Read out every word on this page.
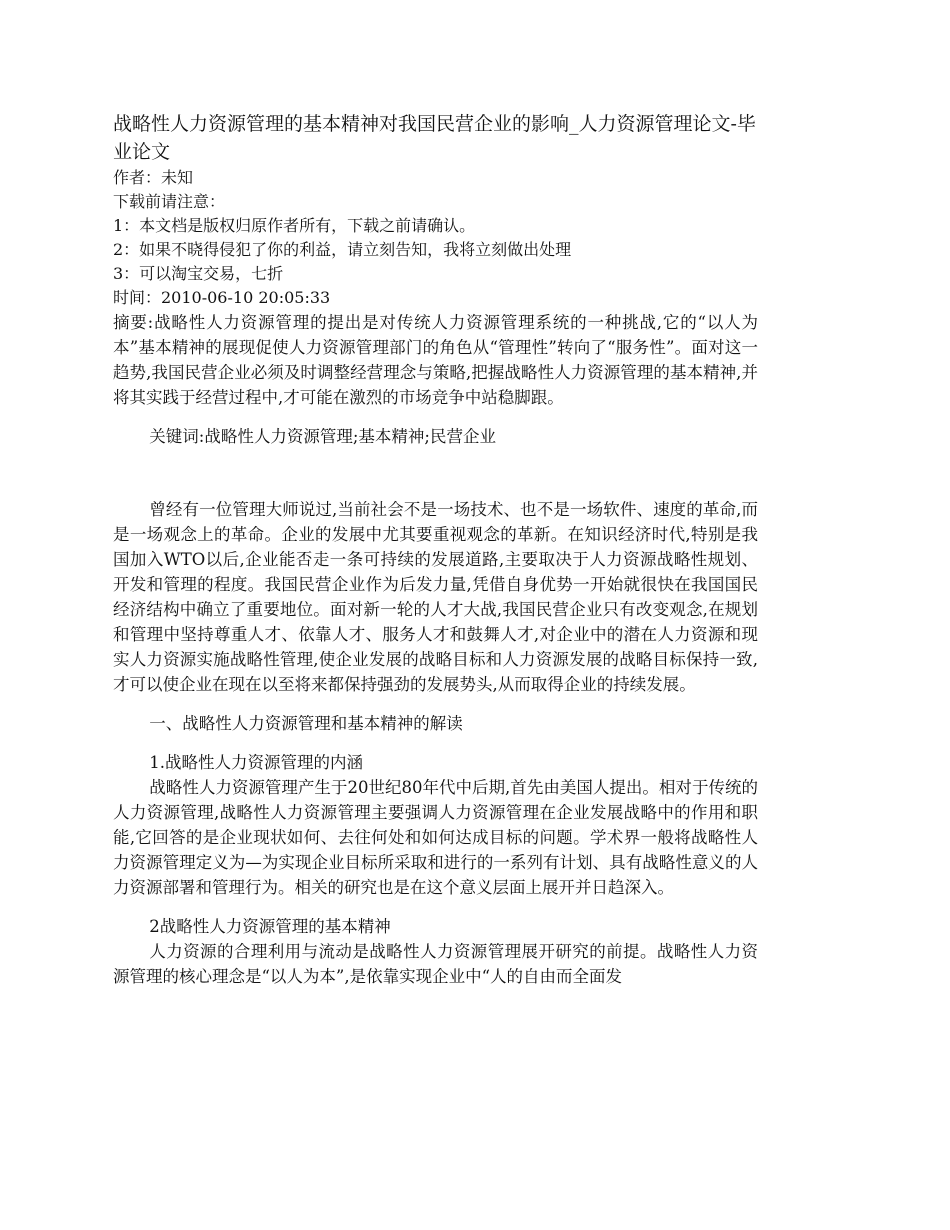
战略性人力资源管理的基本精神对我国民营企业的影响_人力资源管理论文-毕业论文

作者：未知

下载前请注意：

1：本文档是版权归原作者所有，下载之前请确认。

2：如果不晓得侵犯了你的利益，请立刻告知，我将立刻做出处理

3：可以淘宝交易，七折

时间：2010-06-10 20:05:33

摘要:战略性人力资源管理的提出是对传统人力资源管理系统的一种挑战,它的“以人为本”基本精神的展现促使人力资源管理部门的角色从“管理性”转向了“服务性”。面对这一趋势,我国民营企业必须及时调整经营理念与策略,把握战略性人力资源管理的基本精神,并将其实践于经营过程中,才可能在激烈的市场竞争中站稳脚跟。

关键词:战略性人力资源管理;基本精神;民营企业

曾经有一位管理大师说过,当前社会不是一场技术、也不是一场软件、速度的革命,而是一场观念上的革命。企业的发展中尤其要重视观念的革新。在知识经济时代,特别是我国加入WTO以后,企业能否走一条可持续的发展道路,主要取决于人力资源战略性规划、开发和管理的程度。我国民营企业作为后发力量,凭借自身优势一开始就很快在我国国民经济结构中确立了重要地位。面对新一轮的人才大战,我国民营企业只有改变观念,在规划和管理中坚持尊重人才、依靠人才、服务人才和鼓舞人才,对企业中的潜在人力资源和现实人力资源实施战略性管理,使企业发展的战略目标和人力资源发展的战略目标保持一致,才可以使企业在现在以至将来都保持强劲的发展势头,从而取得企业的持续发展。

一、战略性人力资源管理和基本精神的解读

1.战略性人力资源管理的内涵

战略性人力资源管理产生于20世纪80年代中后期,首先由美国人提出。相对于传统的人力资源管理,战略性人力资源管理主要强调人力资源管理在企业发展战略中的作用和职能,它回答的是企业现状如何、去往何处和如何达成目标的问题。学术界一般将战略性人力资源管理定义为—为实现企业目标所采取和进行的一系列有计划、具有战略性意义的人力资源部署和管理行为。相关的研究也是在这个意义层面上展开并日趋深入。

2战略性人力资源管理的基本精神

人力资源的合理利用与流动是战略性人力资源管理展开研究的前提。战略性人力资源管理的核心理念是“以人为本”,是依靠实现企业中“人的自由而全面发
